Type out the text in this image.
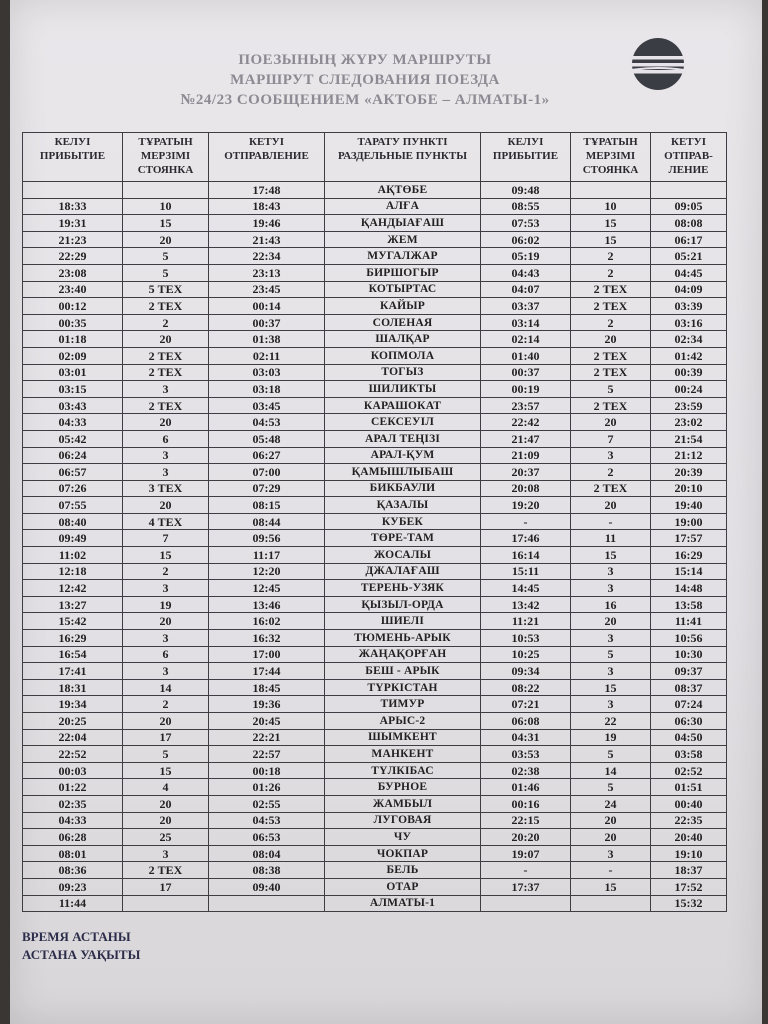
ПОЕЗЫНЫҢ ЖҮРУ МАРШРУТЫ
МАРШРУТ СЛЕДОВАНИЯ ПОЕЗДА
№24/23 СООБЩЕНИЕМ «АКТОБЕ – АЛМАТЫ-1»
КЕЛУІ ПРИБЫТИЕ	ТҰРАТЫН МЕРЗІМІ СТОЯНКА	КЕТУІ ОТПРАВЛЕНИЕ	ТАРАТУ ПУНКТІ РАЗДЕЛЬНЫЕ ПУНКТЫ	КЕЛУІ ПРИБЫТИЕ	ТҰРАТЫН МЕРЗІМІ СТОЯНКА	КЕТУІ ОТПРАВ-ЛЕНИЕ
		17:48	АҚТӨБЕ	09:48		
18:33	10	18:43	АЛҒА	08:55	10	09:05
19:31	15	19:46	ҚАНДЫАҒАШ	07:53	15	08:08
21:23	20	21:43	ЖЕМ	06:02	15	06:17
22:29	5	22:34	МУГАЛЖАР	05:19	2	05:21
23:08	5	23:13	БИРШОГЫР	04:43	2	04:45
23:40	5 ТЕХ	23:45	КОТЫРТАС	04:07	2 ТЕХ	04:09
00:12	2 ТЕХ	00:14	КАЙЫР	03:37	2 ТЕХ	03:39
00:35	2	00:37	СОЛЕНАЯ	03:14	2	03:16
01:18	20	01:38	ШАЛҚАР	02:14	20	02:34
02:09	2 ТЕХ	02:11	КОПМОЛА	01:40	2 ТЕХ	01:42
03:01	2 ТЕХ	03:03	ТОГЫЗ	00:37	2 ТЕХ	00:39
03:15	3	03:18	ШИЛИКТЫ	00:19	5	00:24
03:43	2 ТЕХ	03:45	КАРАШОКАТ	23:57	2 ТЕХ	23:59
04:33	20	04:53	СЕКСЕУІЛ	22:42	20	23:02
05:42	6	05:48	АРАЛ ТЕҢІЗІ	21:47	7	21:54
06:24	3	06:27	АРАЛ-ҚУМ	21:09	3	21:12
06:57	3	07:00	ҚАМЫШЛЫБАШ	20:37	2	20:39
07:26	3 ТЕХ	07:29	БИКБАУЛИ	20:08	2 ТЕХ	20:10
07:55	20	08:15	ҚАЗАЛЫ	19:20	20	19:40
08:40	4 ТЕХ	08:44	КУБЕК	-	-	19:00
09:49	7	09:56	ТӨРЕ-ТАМ	17:46	11	17:57
11:02	15	11:17	ЖОСАЛЫ	16:14	15	16:29
12:18	2	12:20	ДЖАЛАҒАШ	15:11	3	15:14
12:42	3	12:45	ТЕРЕНЬ-УЗЯК	14:45	3	14:48
13:27	19	13:46	ҚЫЗЫЛ-ОРДА	13:42	16	13:58
15:42	20	16:02	ШИЕЛІ	11:21	20	11:41
16:29	3	16:32	ТЮМЕНЬ-АРЫК	10:53	3	10:56
16:54	6	17:00	ЖАҢАҚОРҒАН	10:25	5	10:30
17:41	3	17:44	БЕШ - АРЫК	09:34	3	09:37
18:31	14	18:45	ТҮРКІСТАН	08:22	15	08:37
19:34	2	19:36	ТИМУР	07:21	3	07:24
20:25	20	20:45	АРЫС-2	06:08	22	06:30
22:04	17	22:21	ШЫМКЕНТ	04:31	19	04:50
22:52	5	22:57	МАНКЕНТ	03:53	5	03:58
00:03	15	00:18	ТҮЛКІБАС	02:38	14	02:52
01:22	4	01:26	БУРНОЕ	01:46	5	01:51
02:35	20	02:55	ЖАМБЫЛ	00:16	24	00:40
04:33	20	04:53	ЛУГОВАЯ	22:15	20	22:35
06:28	25	06:53	ЧУ	20:20	20	20:40
08:01	3	08:04	ЧОКПАР	19:07	3	19:10
08:36	2 ТЕХ	08:38	БЕЛЬ	-	-	18:37
09:23	17	09:40	ОТАР	17:37	15	17:52
11:44			АЛМАТЫ-1			15:32
ВРЕМЯ АСТАНЫ
АСТАНА УАҚЫТЫ
